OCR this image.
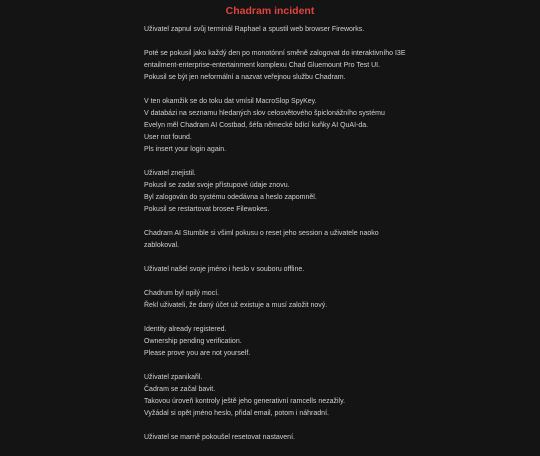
Chadram incident
Uživatel zapnul svůj terminál Raphael a spustil web browser Fireworks.
Poté se pokusil jako každý den po monotónní směně zalogovat do interaktivního I3E
entailment-enterprise-entertainment komplexu Chad Gluemount Pro Test UI.
Pokusil se být jen neformální a nazvat veřejnou službu Chadram.
V ten okamžik se do toku dat vmísil MacroSlop SpyKey.
V databázi na seznamu hledaných slov celosvětového špiclonážního systému
Evelyn měl Chadram AI Costbad, šéfa německé bdící kuňky AI QuAI-da.
User not found.
Pls insert your login again.
Uživatel znejistil.
Pokusil se zadat svoje přístupové údaje znovu.
Byl zalogován do systému odedávna a heslo zapomněl.
Pokusil se restartovat brosee Filewokes.
Chadram AI Stumble si všiml pokusu o reset jeho session a uživatele naoko
zablokoval.
Uživatel našel svoje jméno i heslo v souboru offline.
Chadrum byl opilý mocí.
Řekl uživateli, že daný účet už existuje a musí založit nový.
Identity already registered.
Ownership pending verification.
Please prove you are not yourself.
Uživatel zpanikařil.
Čadram se začal bavit.
Takovou úroveň kontroly ještě jeho generativní ramcells nezažily.
Vyžádal si opět jméno heslo, přidal email, potom i náhradní.
Uživatel se marně pokoušel resetovat nastavení.
